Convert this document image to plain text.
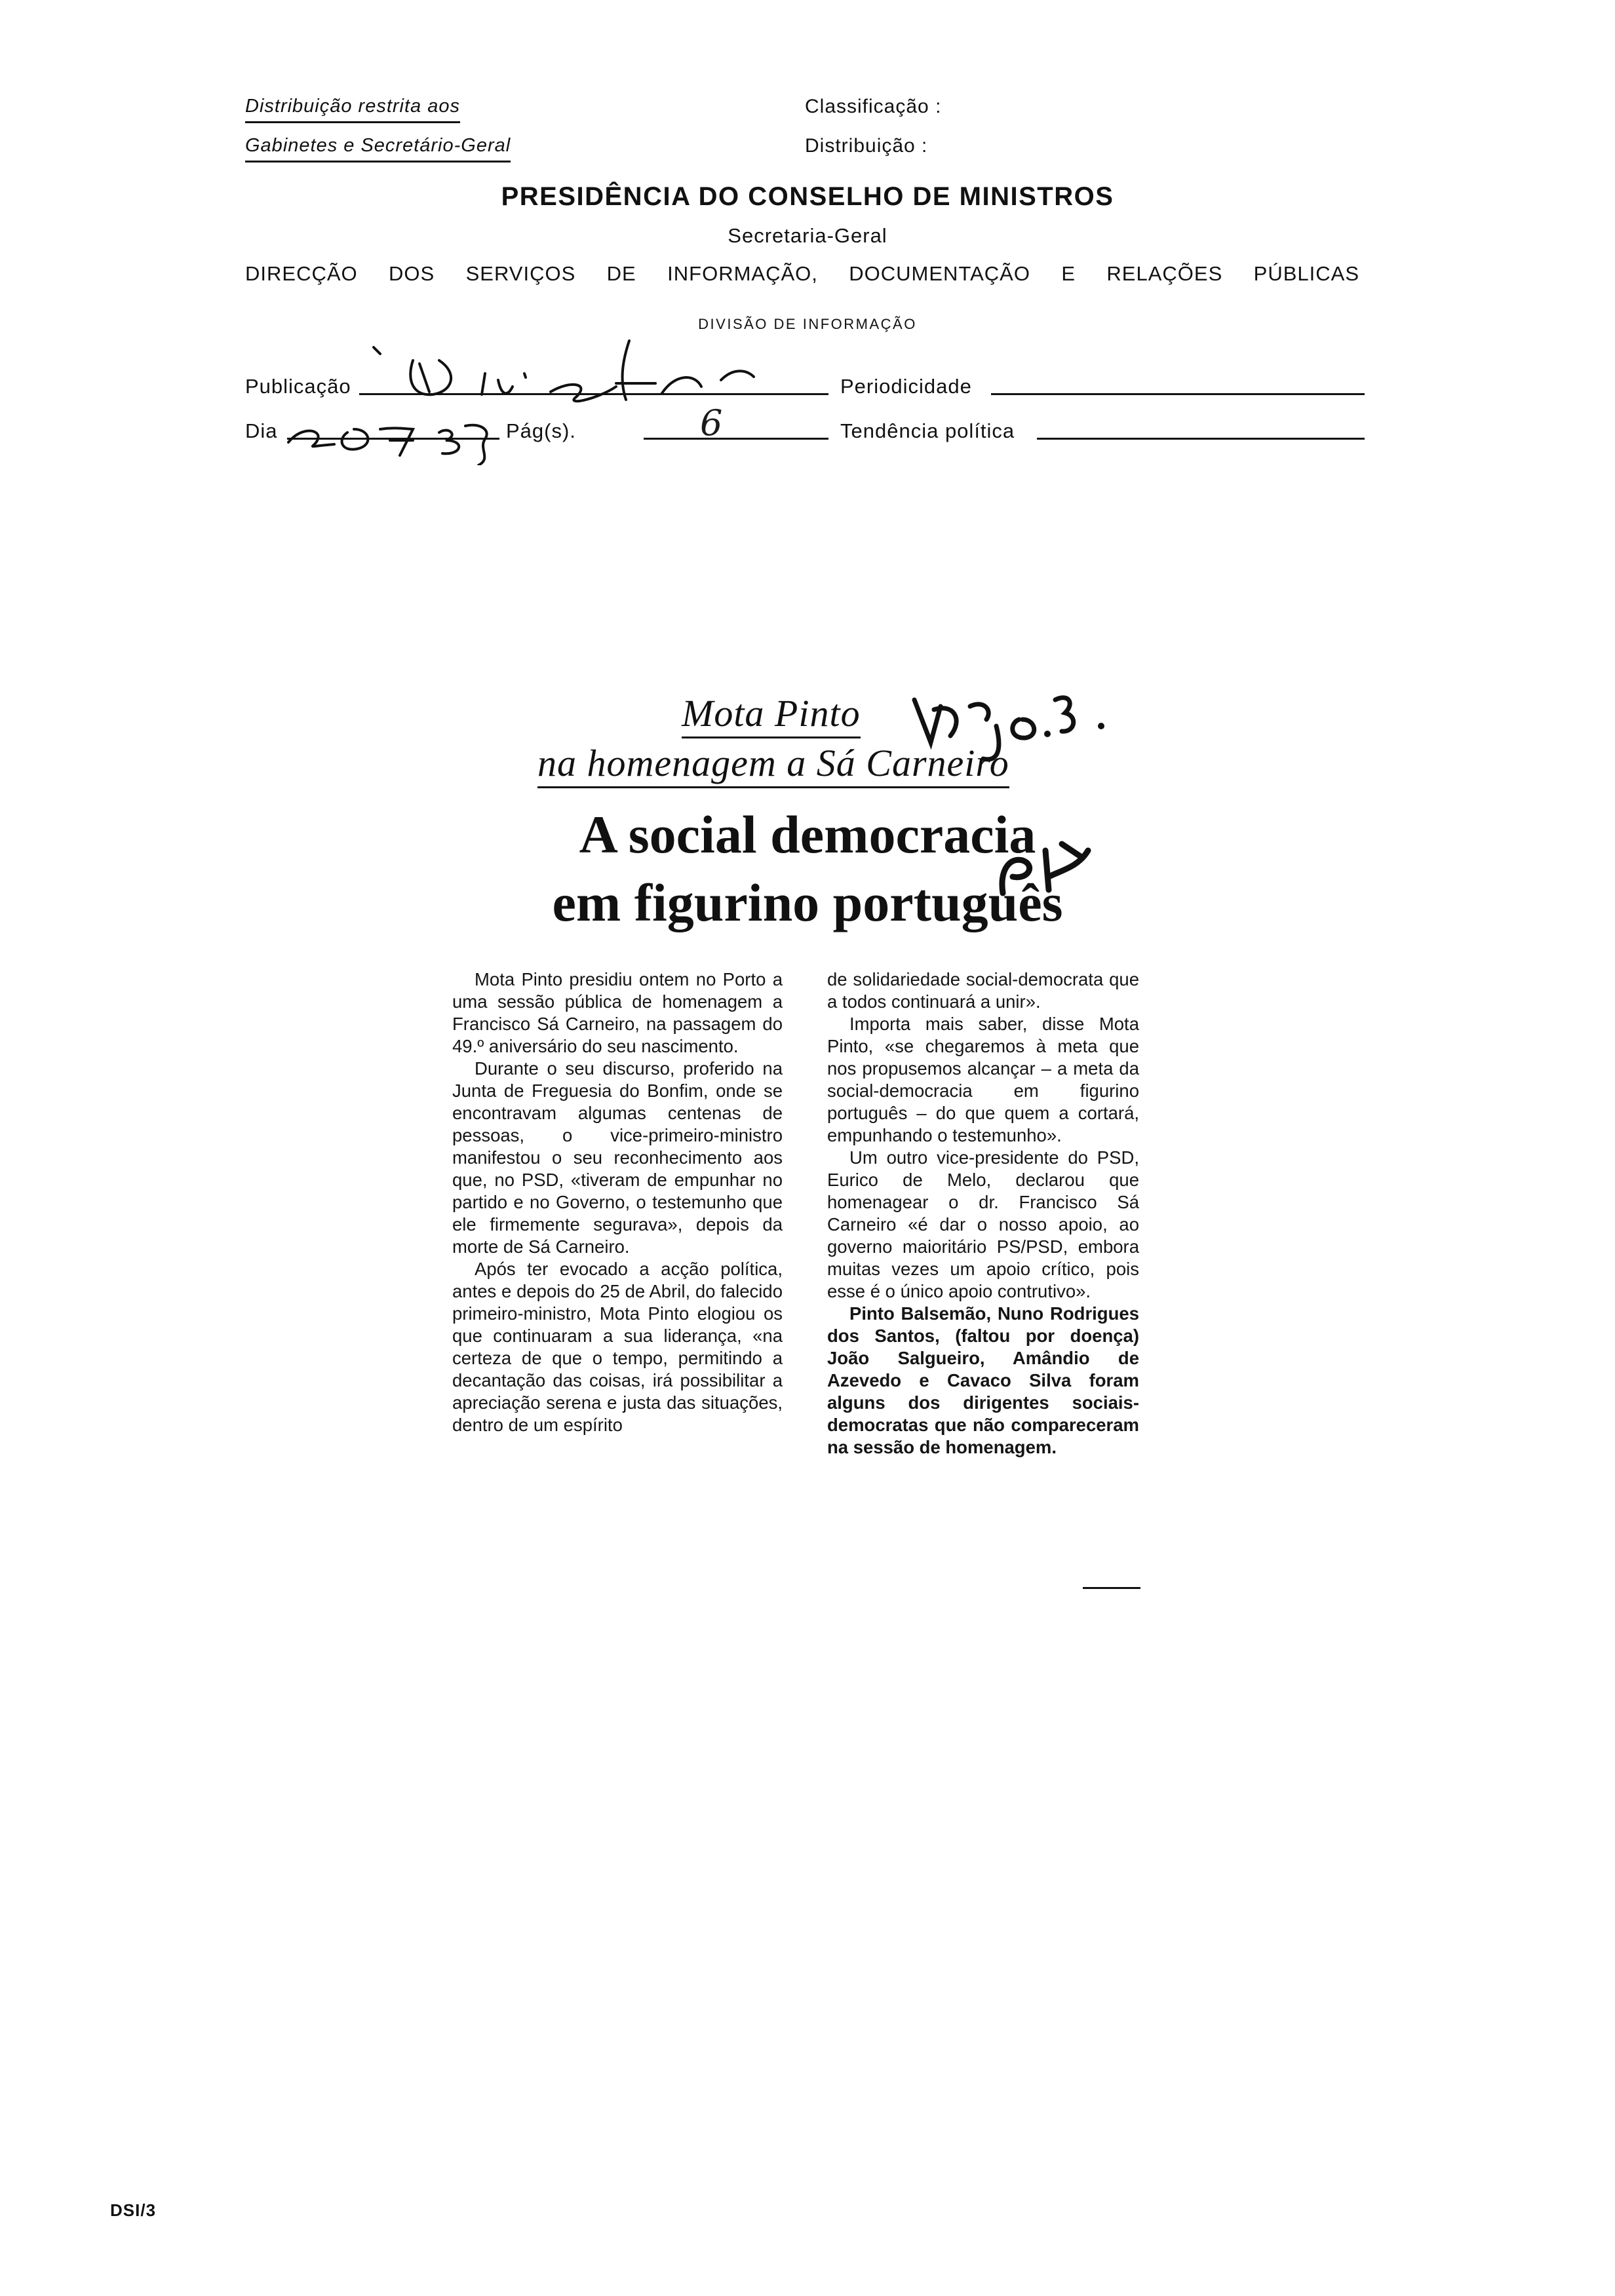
Distribuição restrita aos
Gabinetes e Secretário-Geral
Classificação :
Distribuição :
PRESIDÊNCIA DO CONSELHO DE MINISTROS
Secretaria-Geral
DIRECÇÃO DOS SERVIÇOS DE INFORMAÇÃO, DOCUMENTAÇÃO E RELAÇÕES PÚBLICAS
DIVISÃO DE INFORMAÇÃO
Publicação	Periodicidade
Dia	Pág(s).	6	Tendência política
Mota Pinto
na homenagem a Sá Carneiro
A social democracia
em figurino português

Mota Pinto presidiu ontem no Porto a uma sessão pública de homenagem a Francisco Sá Carneiro, na passagem do 49.º aniversário do seu nascimento.

Durante o seu discurso, proferido na Junta de Freguesia do Bonfim, onde se encontravam algumas centenas de pessoas, o vice-primeiro-ministro manifestou o seu reconhecimento aos que, no PSD, «tiveram de empunhar no partido e no Governo, o testemunho que ele firmemente segurava», depois da morte de Sá Carneiro.

Após ter evocado a acção política, antes e depois do 25 de Abril, do falecido primeiro-ministro, Mota Pinto elogiou os que continuaram a sua liderança, «na certeza de que o tempo, permitindo a decantação das coisas, irá possibilitar a apreciação serena e justa das situações, dentro de um espírito

de solidariedade social-democrata que a todos continuará a unir».

Importa mais saber, disse Mota Pinto, «se chegaremos à meta que nos propusemos alcançar – a meta da social-democracia em figurino português – do que quem a cortará, empunhando o testemunho».

Um outro vice-presidente do PSD, Eurico de Melo, declarou que homenagear o dr. Francisco Sá Carneiro «é dar o nosso apoio, ao governo maioritário PS/PSD, embora muitas vezes um apoio crítico, pois esse é o único apoio contrutivo».

Pinto Balsemão, Nuno Rodrigues dos Santos, (faltou por doença) João Salgueiro, Amândio de Azevedo e Cavaco Silva foram alguns dos dirigentes sociais-democratas que não compareceram na sessão de homenagem.

DSI/3
